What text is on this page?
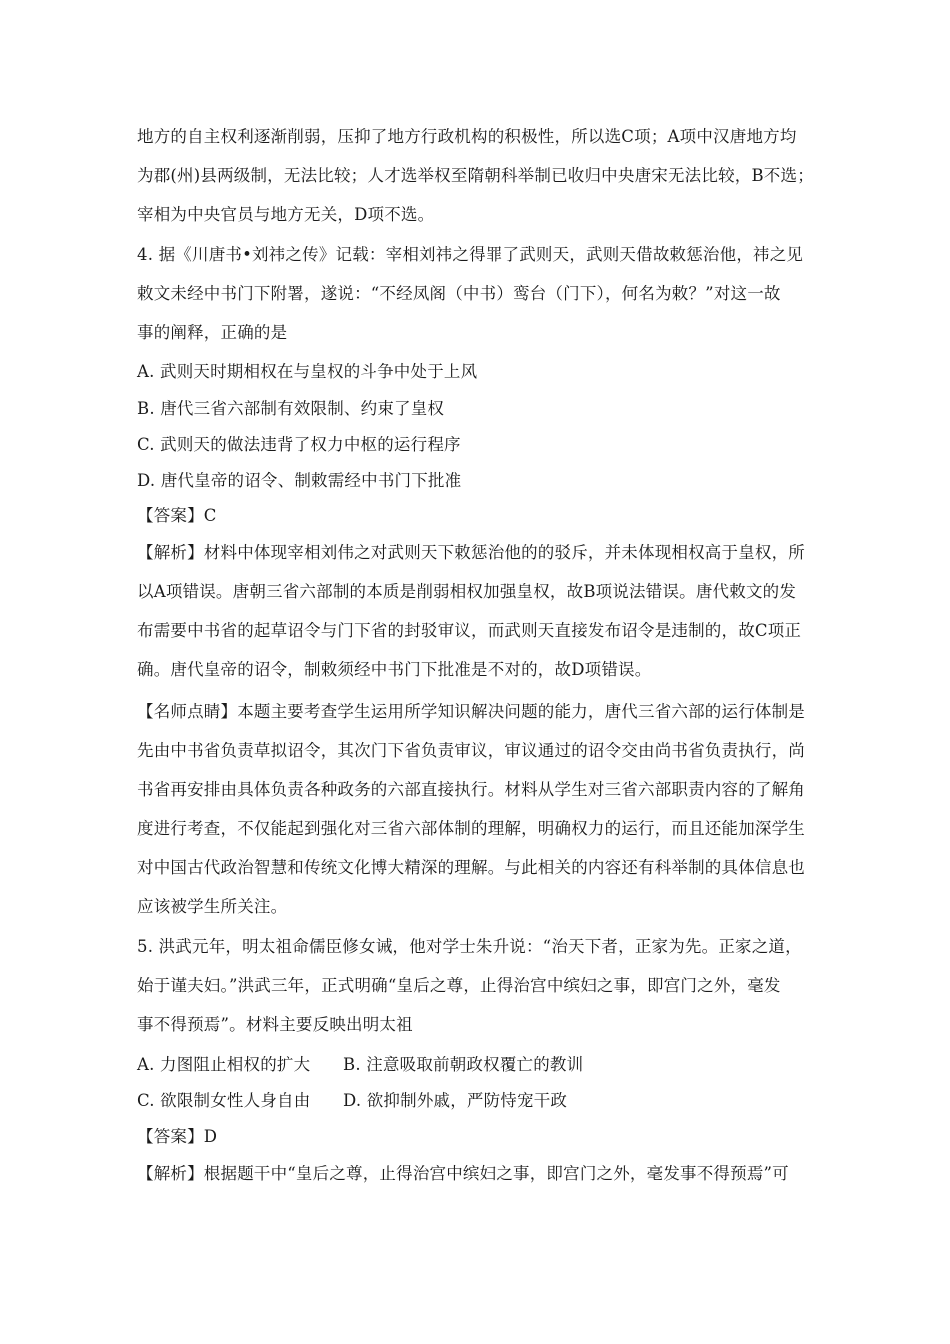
地方的自主权利逐渐削弱，压抑了地方行政机构的积极性，所以选C项；A项中汉唐地方均
为郡(州)县两级制，无法比较；人才选举权至隋朝科举制已收归中央唐宋无法比较，B不选；
宰相为中央官员与地方无关，D项不选。
4. 据《川唐书•刘祎之传》记载：宰相刘祎之得罪了武则天，武则天借故敕惩治他，祎之见
敕文未经中书门下附署，遂说：“不经凤阁（中书）鸾台（门下），何名为敕？”对这一故
事的阐释，正确的是
A. 武则天时期相权在与皇权的斗争中处于上风
B. 唐代三省六部制有效限制、约束了皇权
C. 武则天的做法违背了权力中枢的运行程序
D. 唐代皇帝的诏令、制敕需经中书门下批准
【答案】C
【解析】材料中体现宰相刘伟之对武则天下敕惩治他的的驳斥，并未体现相权高于皇权，所
以A项错误。唐朝三省六部制的本质是削弱相权加强皇权，故B项说法错误。唐代敕文的发
布需要中书省的起草诏令与门下省的封驳审议，而武则天直接发布诏令是违制的，故C项正
确。唐代皇帝的诏令，制敕须经中书门下批准是不对的，故D项错误。
【名师点睛】本题主要考查学生运用所学知识解决问题的能力，唐代三省六部的运行体制是
先由中书省负责草拟诏令，其次门下省负责审议，审议通过的诏令交由尚书省负责执行，尚
书省再安排由具体负责各种政务的六部直接执行。材料从学生对三省六部职责内容的了解角
度进行考查，不仅能起到强化对三省六部体制的理解，明确权力的运行，而且还能加深学生
对中国古代政治智慧和传统文化博大精深的理解。与此相关的内容还有科举制的具体信息也
应该被学生所关注。
5. 洪武元年，明太祖命儒臣修女诫，他对学士朱升说：“治天下者，正家为先。正家之道，
始于谨夫妇。”洪武三年，正式明确“皇后之尊，止得治宫中缤妇之事，即宫门之外，毫发
事不得预焉”。材料主要反映出明太祖
A. 力图阻止相权的扩大 B. 注意吸取前朝政权覆亡的教训
C. 欲限制女性人身自由 D. 欲抑制外戚，严防恃宠干政
【答案】D
【解析】根据题干中“皇后之尊，止得治宫中缤妇之事，即宫门之外，毫发事不得预焉”可
